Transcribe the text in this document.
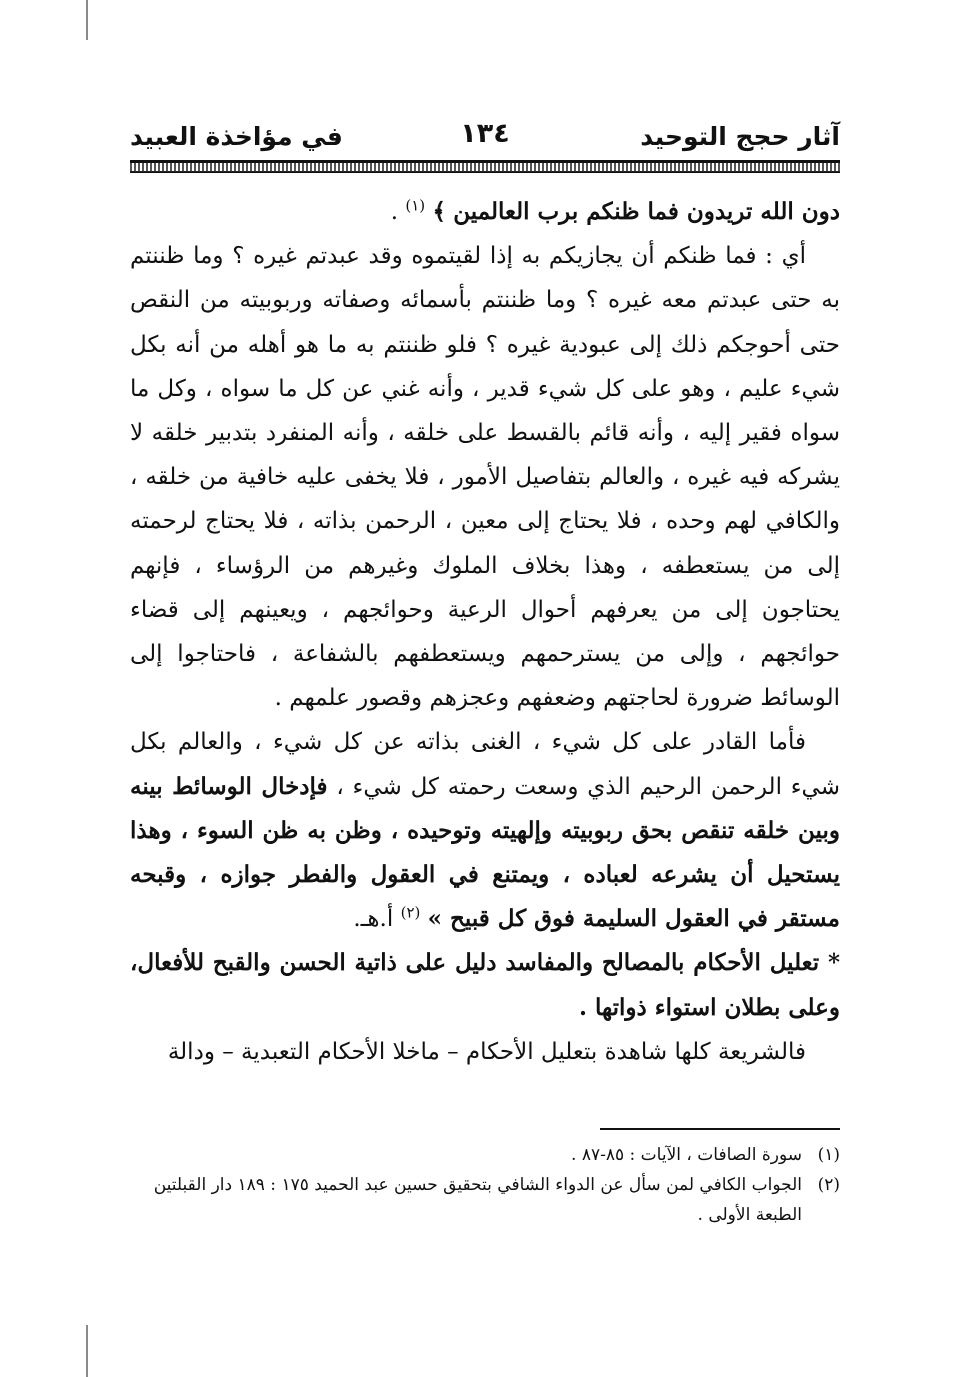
آثار حجج التوحيد
١٣٤
في مؤاخذة العبيد

دون الله تريدون فما ظنكم برب العالمين ﴾ $^{(١)}$ .

أي : فما ظنكم أن يجازيكم به إذا لقيتموه وقد عبدتم غيره ؟ وما ظننتم به حتى عبدتم معه غيره ؟ وما ظننتم بأسمائه وصفاته وربوبيته من النقص حتى أحوجكم ذلك إلى عبودية غيره ؟ فلو ظننتم به ما هو أهله من أنه بكل شيء عليم ، وهو على كل شيء قدير ، وأنه غني عن كل ما سواه ، وكل ما سواه فقير إليه ، وأنه قائم بالقسط على خلقه ، وأنه المنفرد بتدبير خلقه لا يشركه فيه غيره ، والعالم بتفاصيل الأمور ، فلا يخفى عليه خافية من خلقه ، والكافي لهم وحده ، فلا يحتاج إلى معين ، الرحمن بذاته ، فلا يحتاج لرحمته إلى من يستعطفه ، وهذا بخلاف الملوك وغيرهم من الرؤساء ، فإنهم يحتاجون إلى من يعرفهم أحوال الرعية وحوائجهم ، ويعينهم إلى قضاء حوائجهم ، وإلى من يسترحمهم ويستعطفهم بالشفاعة ، فاحتاجوا إلى الوسائط ضرورة لحاجتهم وضعفهم وعجزهم وقصور علمهم .

فأما القادر على كل شيء ، الغنى بذاته عن كل شيء ، والعالم بكل شيء الرحمن الرحيم الذي وسعت رحمته كل شيء ، فإدخال الوسائط بينه وبين خلقه تنقص بحق ربوبيته وإلهيته وتوحيده ، وظن به ظن السوء ، وهذا يستحيل أن يشرعه لعباده ، ويمتنع في العقول والفطر جوازه ، وقبحه مستقر في العقول السليمة فوق كل قبيح » $^{(٢)}$ أ.هـ.

* تعليل الأحكام بالمصالح والمفاسد دليل على ذاتية الحسن والقبح للأفعال، وعلى بطلان استواء ذواتها .

فالشريعة كلها شاهدة بتعليل الأحكام – ماخلا الأحكام التعبدية – ودالة

(١)
سورة الصافات ، الآيات : ٨٥-٨٧ .
(٢)
الجواب الكافي لمن سأل عن الدواء الشافي بتحقيق حسين عبد الحميد ١٧٥ : ١٨٩ دار القبلتين الطبعة الأولى .
